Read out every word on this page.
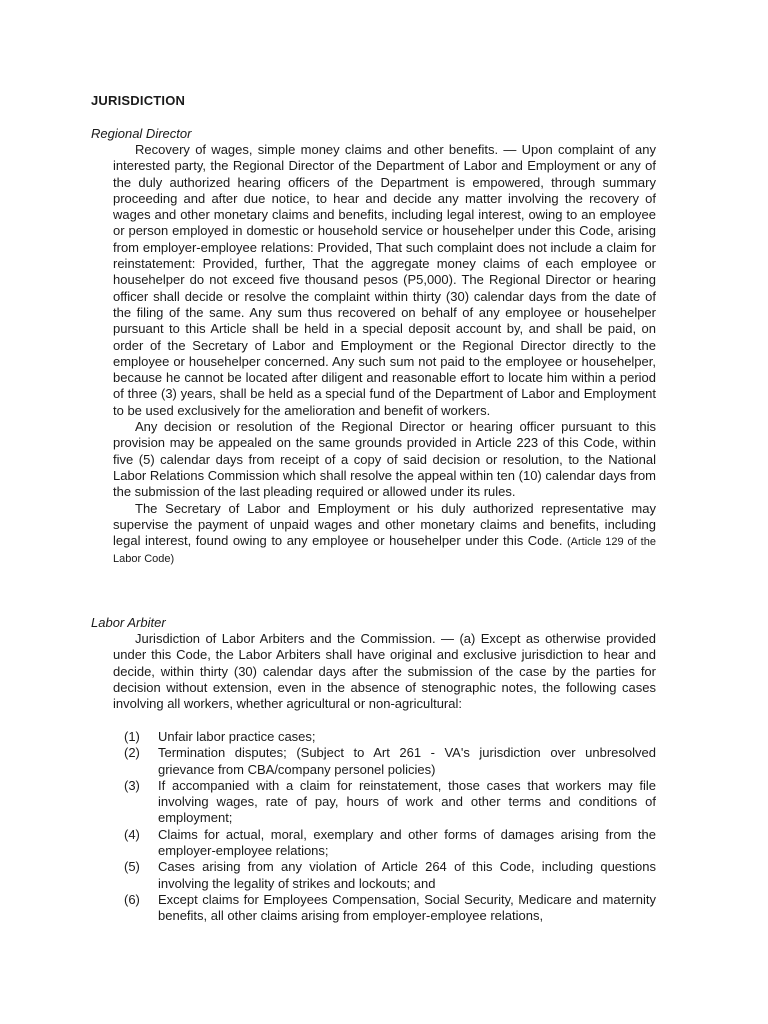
JURISDICTION
Regional Director

Recovery of wages, simple money claims and other benefits. — Upon complaint of any interested party, the Regional Director of the Department of Labor and Employment or any of the duly authorized hearing officers of the Department is empowered, through summary proceeding and after due notice, to hear and decide any matter involving the recovery of wages and other monetary claims and benefits, including legal interest, owing to an employee or person employed in domestic or household service or househelper under this Code, arising from employer-employee relations: Provided, That such complaint does not include a claim for reinstatement: Provided, further, That the aggregate money claims of each employee or househelper do not exceed five thousand pesos (P5,000). The Regional Director or hearing officer shall decide or resolve the complaint within thirty (30) calendar days from the date of the filing of the same. Any sum thus recovered on behalf of any employee or househelper pursuant to this Article shall be held in a special deposit account by, and shall be paid, on order of the Secretary of Labor and Employment or the Regional Director directly to the employee or househelper concerned. Any such sum not paid to the employee or househelper, because he cannot be located after diligent and reasonable effort to locate him within a period of three (3) years, shall be held as a special fund of the Department of Labor and Employment to be used exclusively for the amelioration and benefit of workers.

Any decision or resolution of the Regional Director or hearing officer pursuant to this provision may be appealed on the same grounds provided in Article 223 of this Code, within five (5) calendar days from receipt of a copy of said decision or resolution, to the National Labor Relations Commission which shall resolve the appeal within ten (10) calendar days from the submission of the last pleading required or allowed under its rules.

The Secretary of Labor and Employment or his duly authorized representative may supervise the payment of unpaid wages and other monetary claims and benefits, including legal interest, found owing to any employee or househelper under this Code. (Article 129 of the Labor Code)

Labor Arbiter

Jurisdiction of Labor Arbiters and the Commission. — (a) Except as otherwise provided under this Code, the Labor Arbiters shall have original and exclusive jurisdiction to hear and decide, within thirty (30) calendar days after the submission of the case by the parties for decision without extension, even in the absence of stenographic notes, the following cases involving all workers, whether agricultural or non-agricultural:

(1)	Unfair labor practice cases;
(2)	Termination disputes; (Subject to Art 261 - VA's jurisdiction over unbresolved grievance from CBA/company personel policies)
(3)	If accompanied with a claim for reinstatement, those cases that workers may file involving wages, rate of pay, hours of work and other terms and conditions of employment;
(4)	Claims for actual, moral, exemplary and other forms of damages arising from the employer-employee relations;
(5)	Cases arising from any violation of Article 264 of this Code, including questions involving the legality of strikes and lockouts; and
(6)	Except claims for Employees Compensation, Social Security, Medicare and maternity benefits, all other claims arising from employer-employee relations,
